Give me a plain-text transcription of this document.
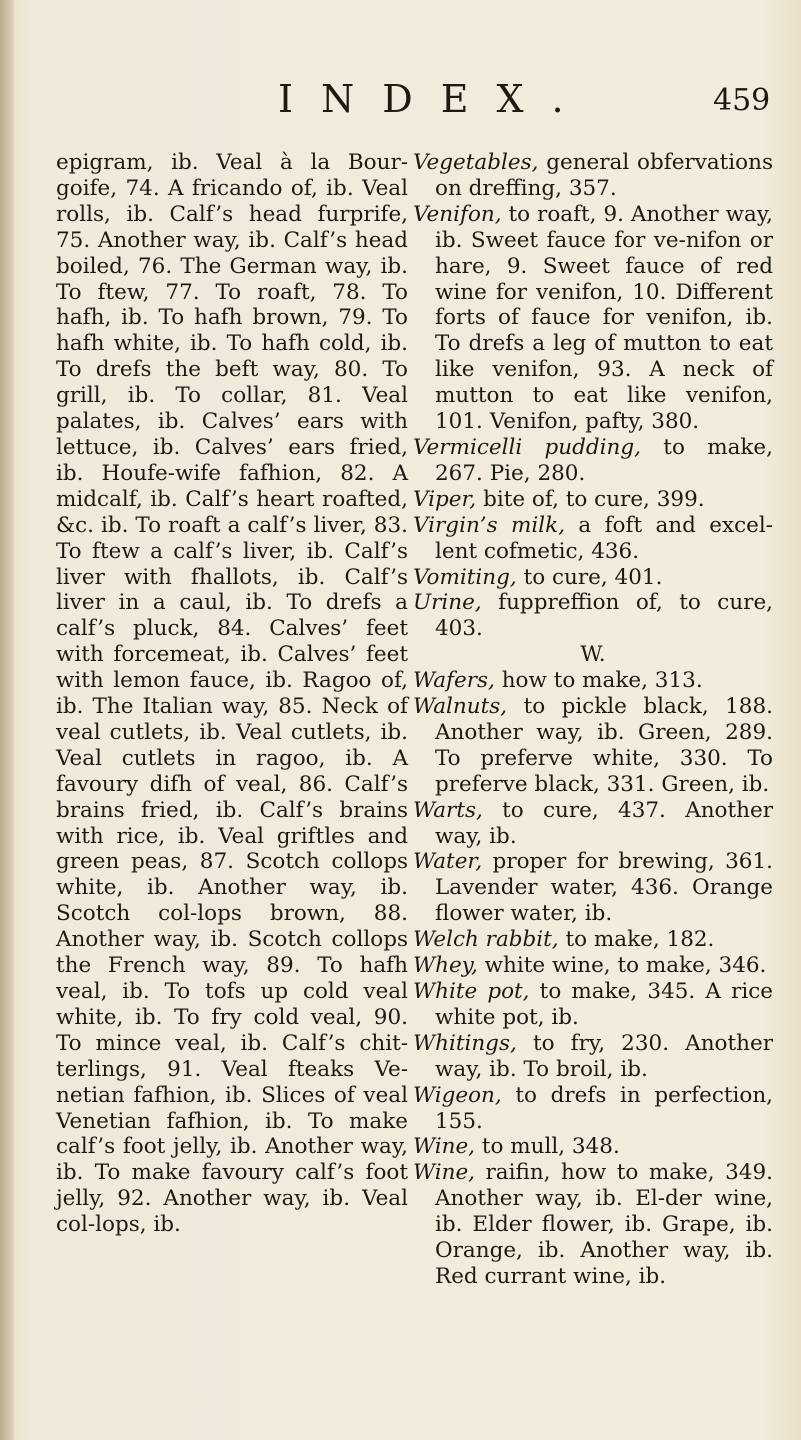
INDEX.	459

epigram, ib. Veal à la Bour-goife, 74. A fricando of, ib. Veal rolls, ib. Calf’s head furprife, 75. Another way, ib. Calf’s head boiled, 76. The German way, ib. To ftew, 77. To roaft, 78. To hafh, ib. To hafh brown, 79. To hafh white, ib. To hafh cold, ib. To drefs the beft way, 80. To grill, ib. To collar, 81. Veal palates, ib. Calves’ ears with lettuce, ib. Calves’ ears fried, ib. Houfe-wife fafhion, 82. A midcalf, ib. Calf’s heart roafted, &c. ib. To roaft a calf’s liver, 83. To ftew a calf’s liver, ib. Calf’s liver with fhallots, ib. Calf’s liver in a caul, ib. To drefs a calf’s pluck, 84. Calves’ feet with forcemeat, ib. Calves’ feet with lemon fauce, ib. Ragoo of, ib. The Italian way, 85. Neck of veal cutlets, ib. Veal cutlets, ib. Veal cutlets in ragoo, ib. A favoury difh of veal, 86. Calf’s brains fried, ib. Calf’s brains with rice, ib. Veal griftles and green peas, 87. Scotch collops white, ib. Another way, ib. Scotch col-lops brown, 88. Another way, ib. Scotch collops the French way, 89. To hafh veal, ib. To tofs up cold veal white, ib. To fry cold veal, 90. To mince veal, ib. Calf’s chit-terlings, 91. Veal fteaks Ve-netian fafhion, ib. Slices of veal Venetian fafhion, ib. To make calf’s foot jelly, ib. Another way, ib. To make favoury calf’s foot jelly, 92. Another way, ib. Veal col-lops, ib.

Vegetables, general obfervations on dreffing, 357.

Venifon, to roaft, 9. Another way, ib. Sweet fauce for ve-nifon or hare, 9. Sweet fauce of red wine for venifon, 10. Different forts of fauce for venifon, ib. To drefs a leg of mutton to eat like venifon, 93. A neck of mutton to eat like venifon, 101. Venifon, pafty, 380.

Vermicelli pudding, to make, 267. Pie, 280.

Viper, bite of, to cure, 399.

Virgin’s milk, a foft and excel-lent cofmetic, 436.

Vomiting, to cure, 401.

Urine, fuppreffion of, to cure, 403.

W.

Wafers, how to make, 313.

Walnuts, to pickle black, 188. Another way, ib. Green, 289. To preferve white, 330. To preferve black, 331. Green, ib.

Warts, to cure, 437. Another way, ib.

Water, proper for brewing, 361. Lavender water, 436. Orange flower water, ib.

Welch rabbit, to make, 182.

Whey, white wine, to make, 346.

White pot, to make, 345. A rice white pot, ib.

Whitings, to fry, 230. Another way, ib. To broil, ib.

Wigeon, to drefs in perfection, 155.

Wine, to mull, 348.

Wine, raifin, how to make, 349. Another way, ib. El-der wine, ib. Elder flower, ib. Grape, ib. Orange, ib. Another way, ib. Red currant wine, ib.
